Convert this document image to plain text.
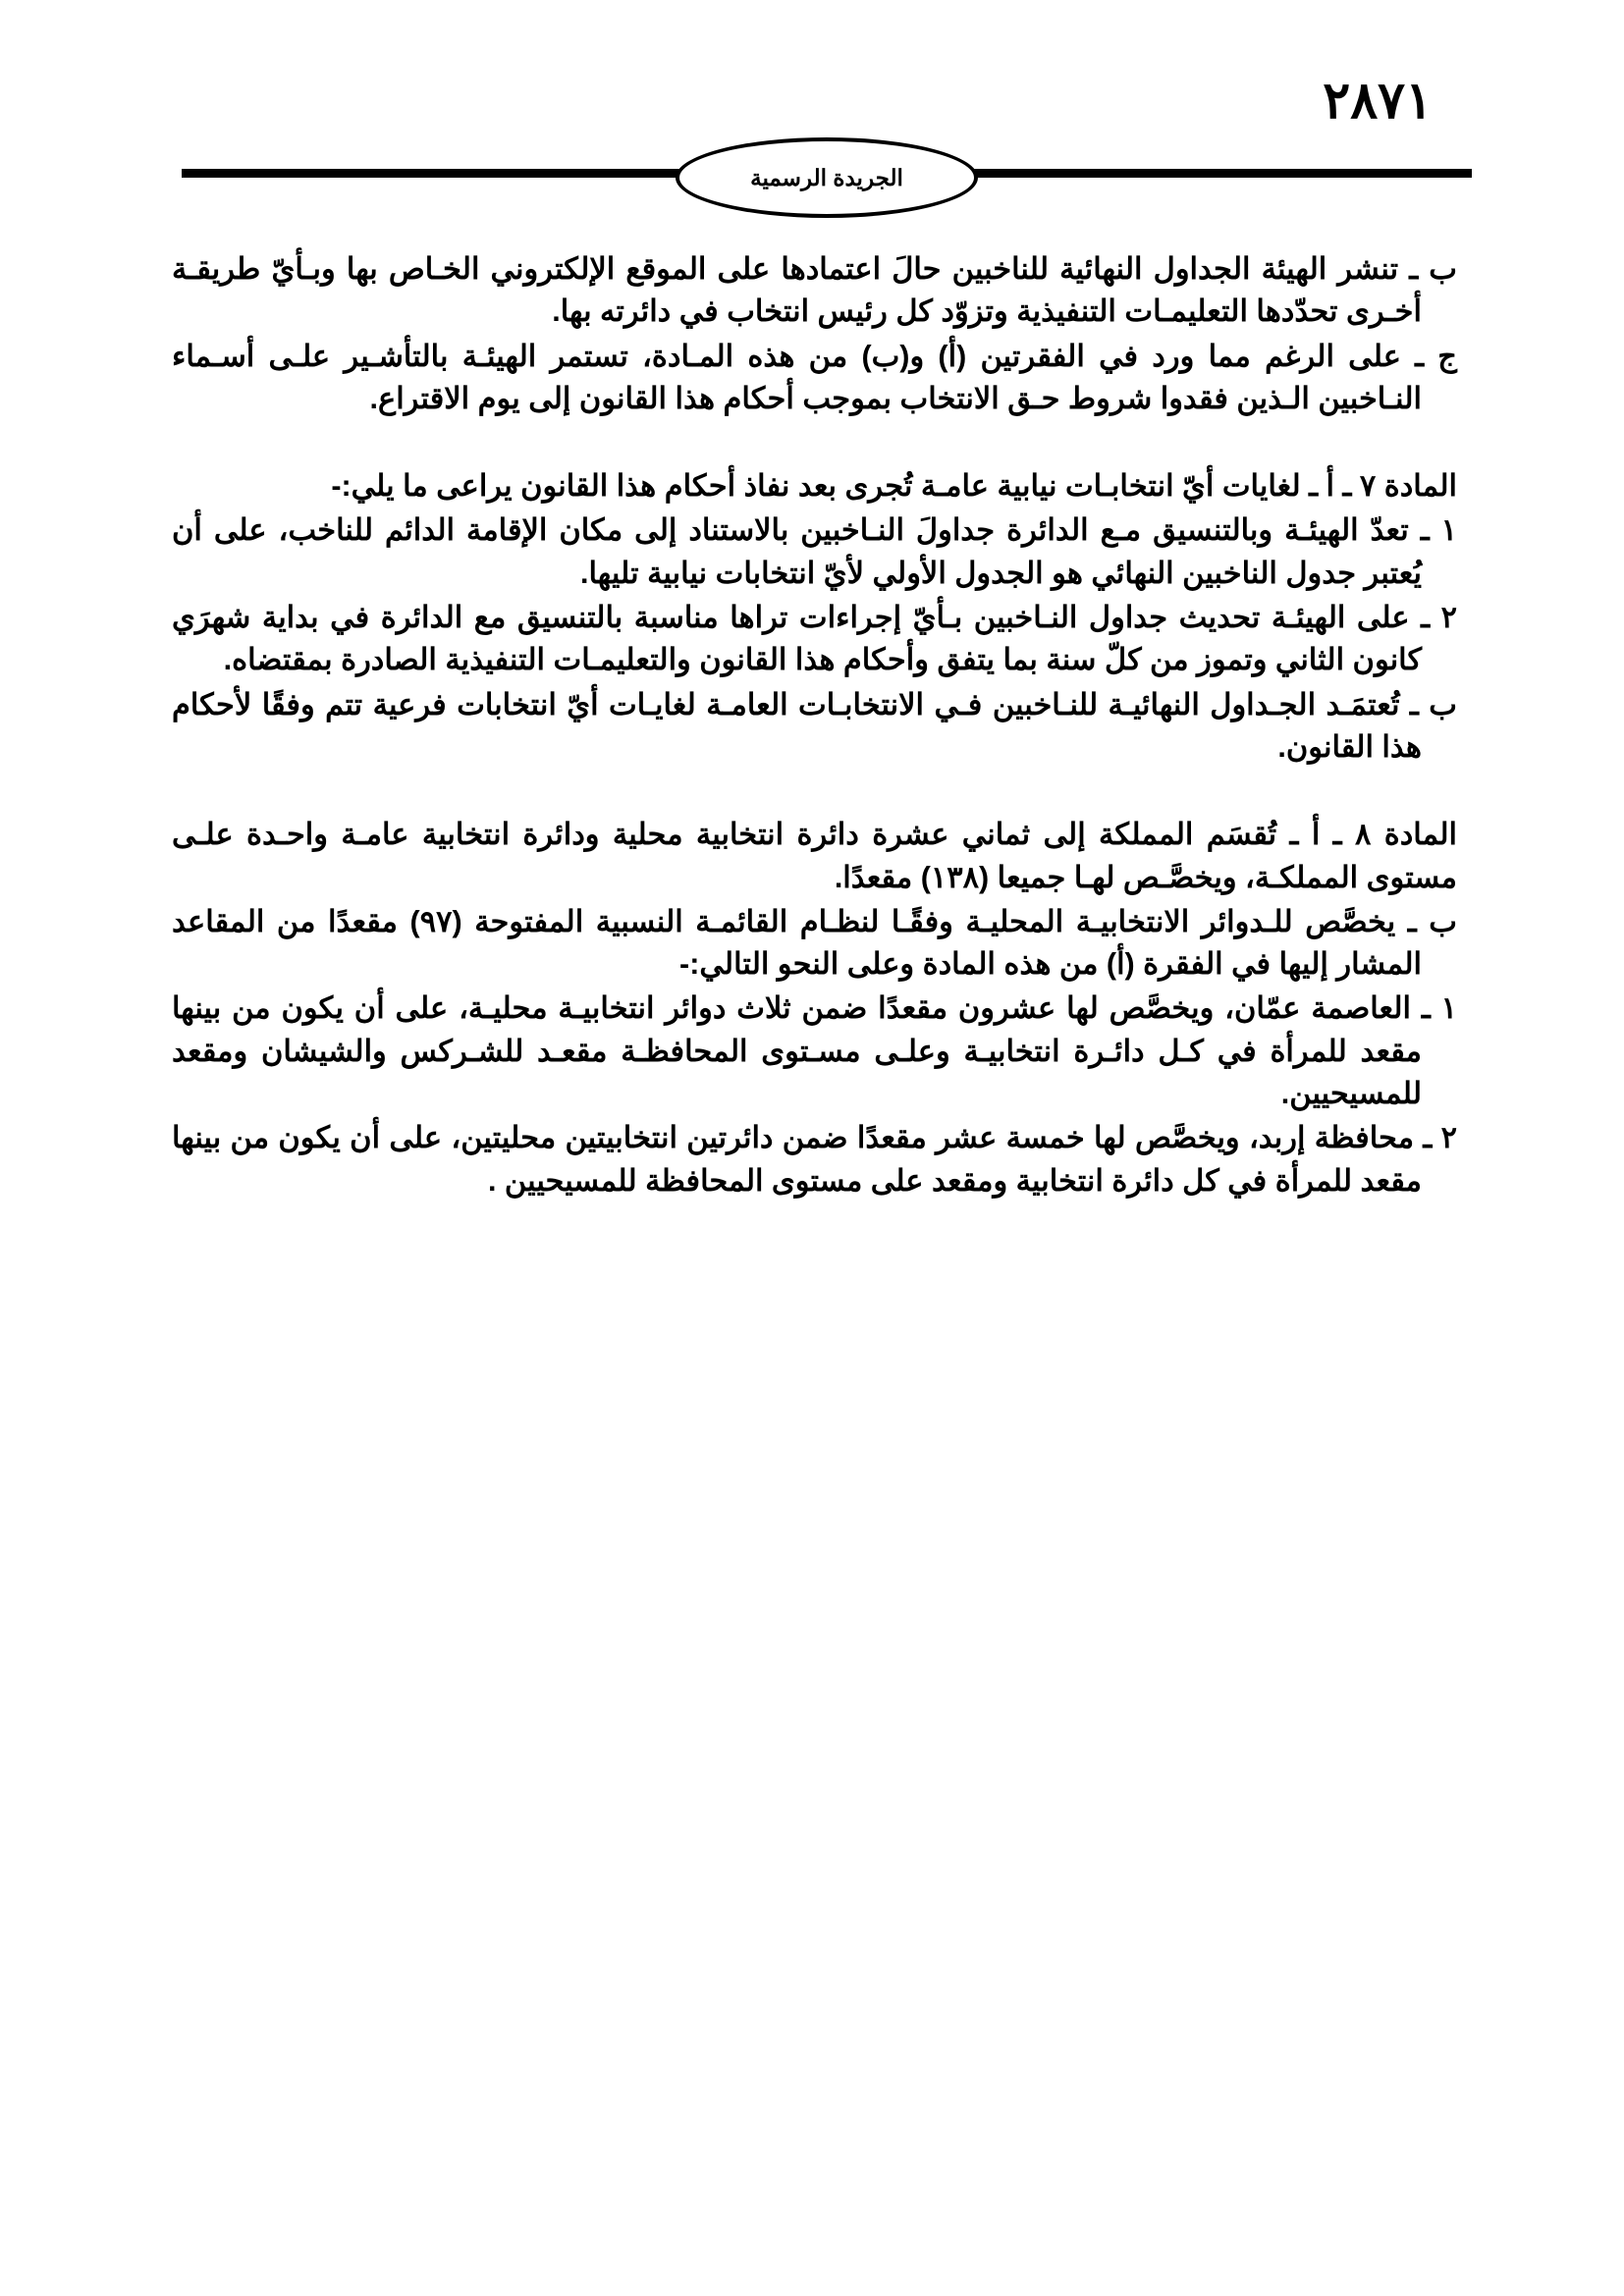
٢٨٧١
الجريدة الرسمية

ب ـ تنشر الهيئة الجداول النهائية للناخبين حالَ اعتمادها على الموقع الإلكتروني الخـاص بها وبـأيّ طريقـة أخـرى تحدّدها التعليمـات التنفيذية وتزوّد كل رئيس انتخاب في دائرته بها.

ج ـ على الرغم مما ورد في الفقرتين (أ) و(ب) من هذه المـادة، تستمر الهيئـة بالتأشـير علـى أسـماء النـاخبين الـذين فقدوا شروط حـق الانتخاب بموجب أحكام هذا القانون إلى يوم الاقتراع.

المادة ٧ ـ أ ـ لغايات أيّ انتخابـات نيابية عامـة تُجرى بعد نفاذ أحكام هذا القانون يراعى ما يلي:-

١ ـ تعدّ الهيئـة وبالتنسيق مـع الدائرة جداولَ النـاخبين بالاستناد إلى مكان الإقامة الدائم للناخب، على أن يُعتبر جدول الناخبين النهائي هو الجدول الأولي لأيّ انتخابات نيابية تليها.

٢ ـ على الهيئـة تحديث جداول النـاخبين بـأيّ إجراءات تراها مناسبة بالتنسيق مع الدائرة في بداية شهرَي كانون الثاني وتموز من كلّ سنة بما يتفق وأحكام هذا القانون والتعليمـات التنفيذية الصادرة بمقتضاه.

ب ـ تُعتمَـد الجـداول النهائيـة للنـاخبين فـي الانتخابـات العامـة لغايـات أيّ انتخابات فرعية تتم وفقًا لأحكام هذا القانون.

المادة ٨ ـ أ ـ تُقسَم المملكة إلى ثماني عشرة دائرة انتخابية محلية ودائرة انتخابية عامـة واحـدة علـى مستوى المملكـة، ويخصَّـص لهـا جميعا (١٣٨) مقعدًا.

ب ـ يخصَّص للـدوائر الانتخابيـة المحليـة وفقًـا لنظـام القائمـة النسبية المفتوحة (٩٧) مقعدًا من المقاعد المشار إليها في الفقرة (أ) من هذه المادة وعلى النحو التالي:-

١ ـ العاصمة عمّان، ويخصَّص لها عشرون مقعدًا ضمن ثلاث دوائر انتخابيـة محليـة، على أن يكون من بينها مقعد للمرأة في كـل دائـرة انتخابيـة وعلـى مسـتوى المحافظـة مقعـد للشـركس والشيشان ومقعد للمسيحيين.

٢ ـ محافظة إربد، ويخصَّص لها خمسة عشر مقعدًا ضمن دائرتين انتخابيتين محليتين، على أن يكون من بينها مقعد للمرأة في كل دائرة انتخابية ومقعد على مستوى المحافظة للمسيحيين .
